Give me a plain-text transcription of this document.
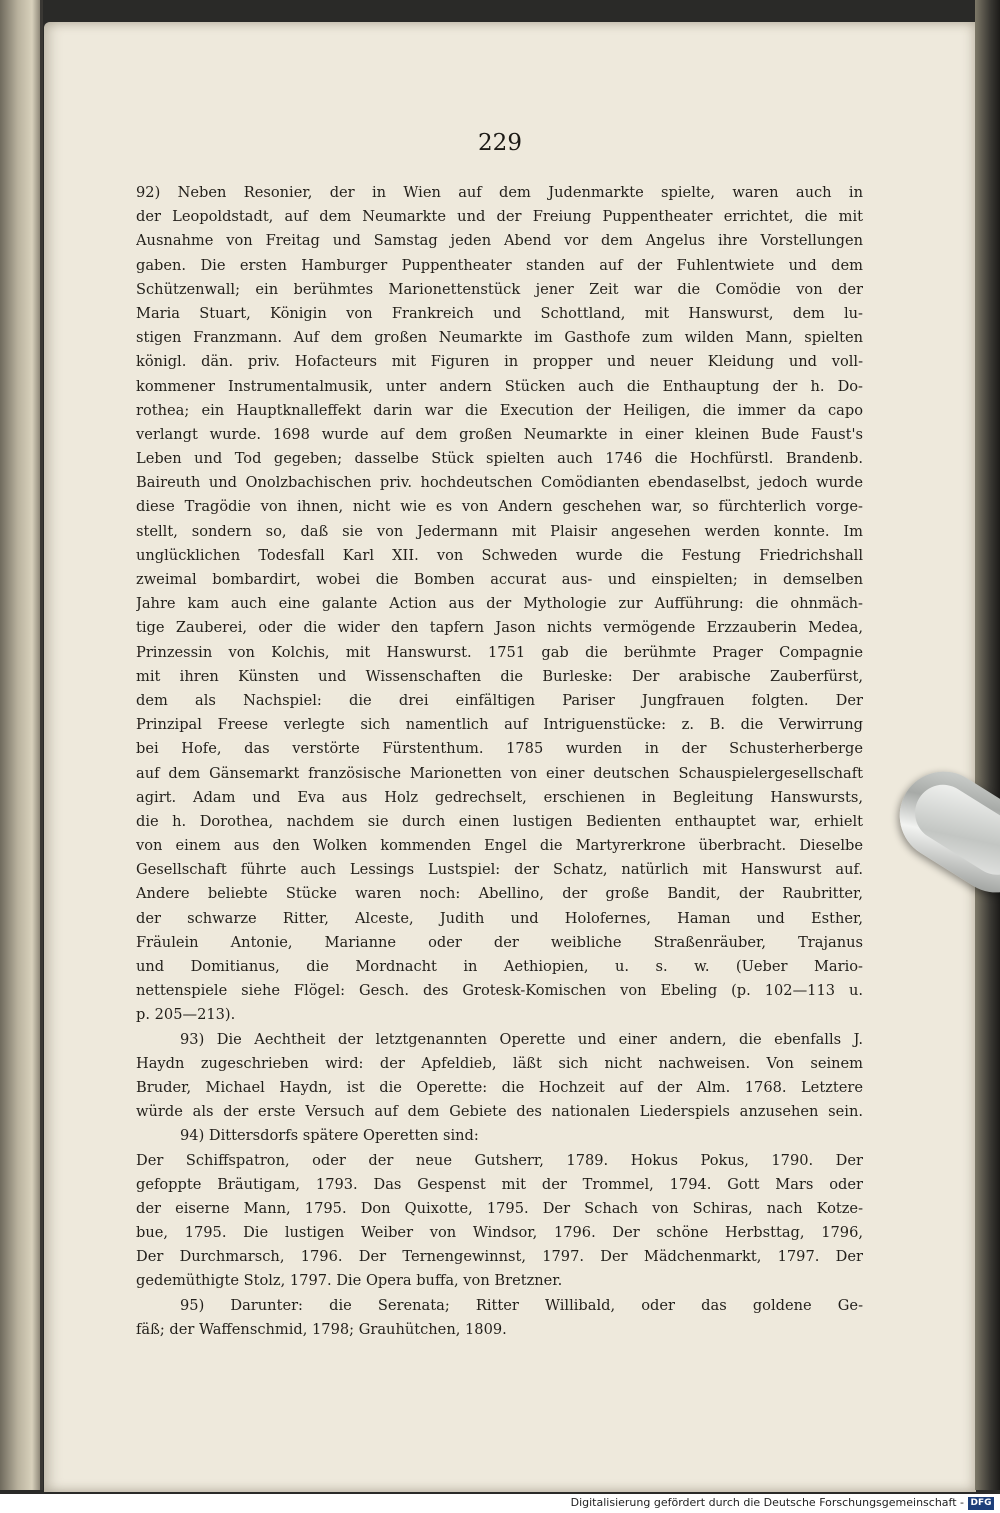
229
92) Neben Resonier, der in Wien auf dem Judenmarkte spielte, waren auch in
der Leopoldstadt, auf dem Neumarkte und der Freiung Puppentheater errichtet, die mit
Ausnahme von Freitag und Samstag jeden Abend vor dem Angelus ihre Vorstellungen
gaben. Die ersten Hamburger Puppentheater standen auf der Fuhlentwiete und dem
Schützenwall; ein berühmtes Marionettenstück jener Zeit war die Comödie von der
Maria Stuart, Königin von Frankreich und Schottland, mit Hanswurst, dem lu-
stigen Franzmann. Auf dem großen Neumarkte im Gasthofe zum wilden Mann, spielten
königl. dän. priv. Hofacteurs mit Figuren in propper und neuer Kleidung und voll-
kommener Instrumentalmusik, unter andern Stücken auch die Enthauptung der h. Do-
rothea; ein Hauptknalleffekt darin war die Execution der Heiligen, die immer da capo
verlangt wurde. 1698 wurde auf dem großen Neumarkte in einer kleinen Bude Faust's
Leben und Tod gegeben; dasselbe Stück spielten auch 1746 die Hochfürstl. Brandenb.
Baireuth und Onolzbachischen priv. hochdeutschen Comödianten ebendaselbst, jedoch wurde
diese Tragödie von ihnen, nicht wie es von Andern geschehen war, so fürchterlich vorge-
stellt, sondern so, daß sie von Jedermann mit Plaisir angesehen werden konnte. Im
unglücklichen Todesfall Karl XII. von Schweden wurde die Festung Friedrichshall
zweimal bombardirt, wobei die Bomben accurat aus- und einspielten; in demselben
Jahre kam auch eine galante Action aus der Mythologie zur Aufführung: die ohnmäch-
tige Zauberei, oder die wider den tapfern Jason nichts vermögende Erzzauberin Medea,
Prinzessin von Kolchis, mit Hanswurst. 1751 gab die berühmte Prager Compagnie
mit ihren Künsten und Wissenschaften die Burleske: Der arabische Zauberfürst,
dem als Nachspiel: die drei einfältigen Pariser Jungfrauen folgten. Der
Prinzipal Freese verlegte sich namentlich auf Intriguenstücke: z. B. die Verwirrung
bei Hofe, das verstörte Fürstenthum. 1785 wurden in der Schusterherberge
auf dem Gänsemarkt französische Marionetten von einer deutschen Schauspielergesellschaft
agirt. Adam und Eva aus Holz gedrechselt, erschienen in Begleitung Hanswursts,
die h. Dorothea, nachdem sie durch einen lustigen Bedienten enthauptet war, erhielt
von einem aus den Wolken kommenden Engel die Martyrerkrone überbracht. Dieselbe
Gesellschaft führte auch Lessings Lustspiel: der Schatz, natürlich mit Hanswurst auf.
Andere beliebte Stücke waren noch: Abellino, der große Bandit, der Raubritter,
der schwarze Ritter, Alceste, Judith und Holofernes, Haman und Esther,
Fräulein Antonie, Marianne oder der weibliche Straßenräuber, Trajanus
und Domitianus, die Mordnacht in Aethiopien, u. s. w. (Ueber Mario-
nettenspiele siehe Flögel: Gesch. des Grotesk-Komischen von Ebeling (p. 102—113 u.
p. 205—213).
93) Die Aechtheit der letztgenannten Operette und einer andern, die ebenfalls J.
Haydn zugeschrieben wird: der Apfeldieb, läßt sich nicht nachweisen. Von seinem
Bruder, Michael Haydn, ist die Operette: die Hochzeit auf der Alm. 1768. Letztere
würde als der erste Versuch auf dem Gebiete des nationalen Liederspiels anzusehen sein.
94) Dittersdorfs spätere Operetten sind:
Der Schiffspatron, oder der neue Gutsherr, 1789. Hokus Pokus, 1790. Der
gefoppte Bräutigam, 1793. Das Gespenst mit der Trommel, 1794. Gott Mars oder
der eiserne Mann, 1795. Don Quixotte, 1795. Der Schach von Schiras, nach Kotze-
bue, 1795. Die lustigen Weiber von Windsor, 1796. Der schöne Herbsttag, 1796,
Der Durchmarsch, 1796. Der Ternengewinnst, 1797. Der Mädchenmarkt, 1797. Der
gedemüthigte Stolz, 1797. Die Opera buffa, von Bretzner.
95) Darunter: die Serenata; Ritter Willibald, oder das goldene Ge-
fäß; der Waffenschmid, 1798; Grauhütchen, 1809.
Digitalisierung gefördert durch die Deutsche Forschungsgemeinschaft - DFG
